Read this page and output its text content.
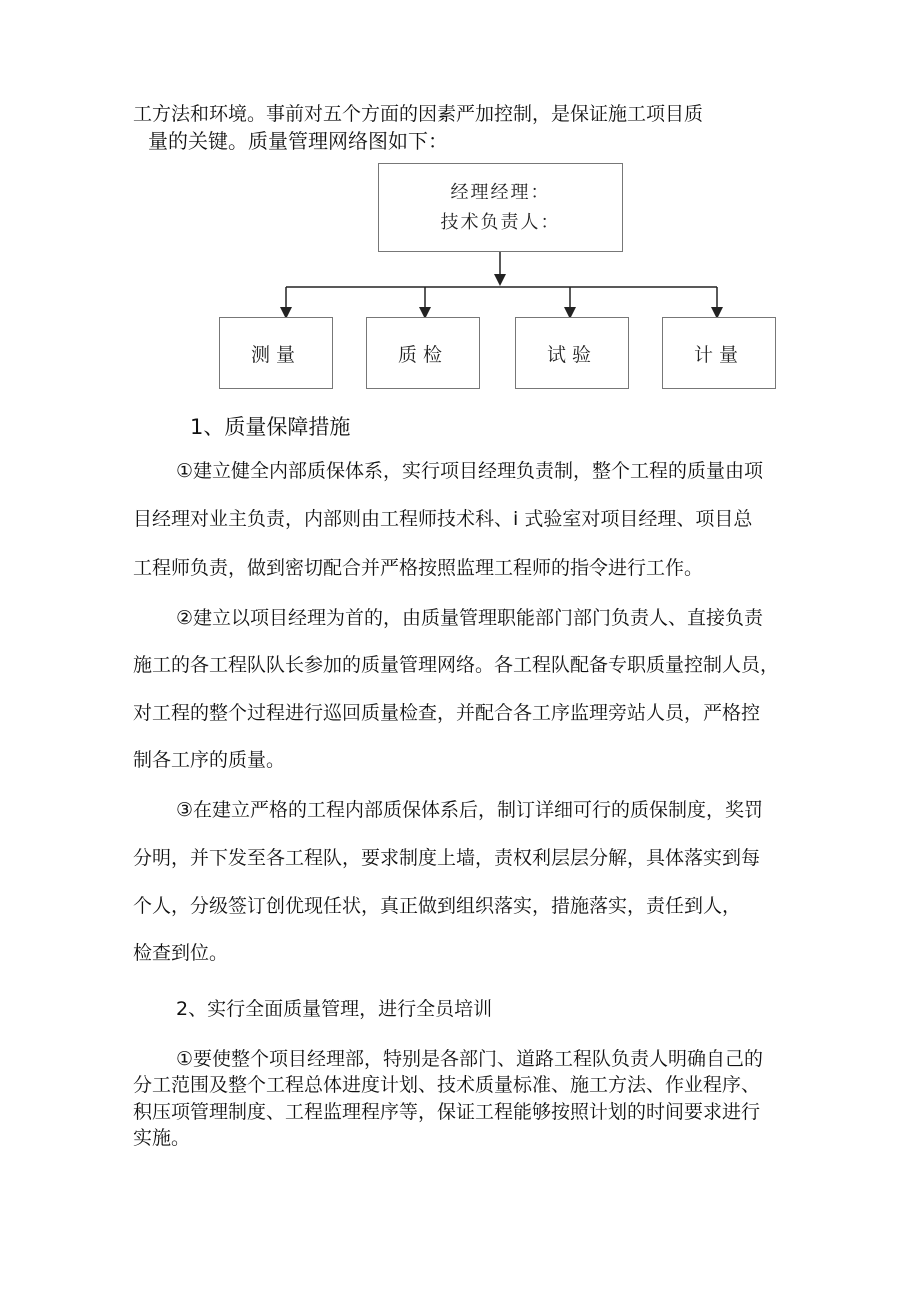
工方法和环境。事前对五个方面的因素严加控制，是保证施工项目质
量的关键。质量管理网络图如下：
经理经理：
技术负责人：
测量	质检	试验	计量
1、质量保障措施
①建立健全内部质保体系，实行项目经理负责制，整个工程的质量由项
目经理对业主负责，内部则由工程师技术科、i 式验室对项目经理、项目总
工程师负责，做到密切配合并严格按照监理工程师的指令进行工作。
②建立以项目经理为首的，由质量管理职能部门部门负责人、直接负责
施工的各工程队队长参加的质量管理网络。各工程队配备专职质量控制人员，
对工程的整个过程进行巡回质量检查，并配合各工序监理旁站人员，严格控
制各工序的质量。
③在建立严格的工程内部质保体系后，制订详细可行的质保制度，奖罚
分明，并下发至各工程队，要求制度上墙，责权利层层分解，具体落实到每
个人，分级签订创优现任状，真正做到组织落实，措施落实，责任到人，
检查到位。
2、实行全面质量管理，进行全员培训
①要使整个项目经理部，特别是各部门、道路工程队负责人明确自己的
分工范围及整个工程总体进度计划、技术质量标准、施工方法、作业程序、
积压项管理制度、工程监理程序等，保证工程能够按照计划的时间要求进行
实施。
